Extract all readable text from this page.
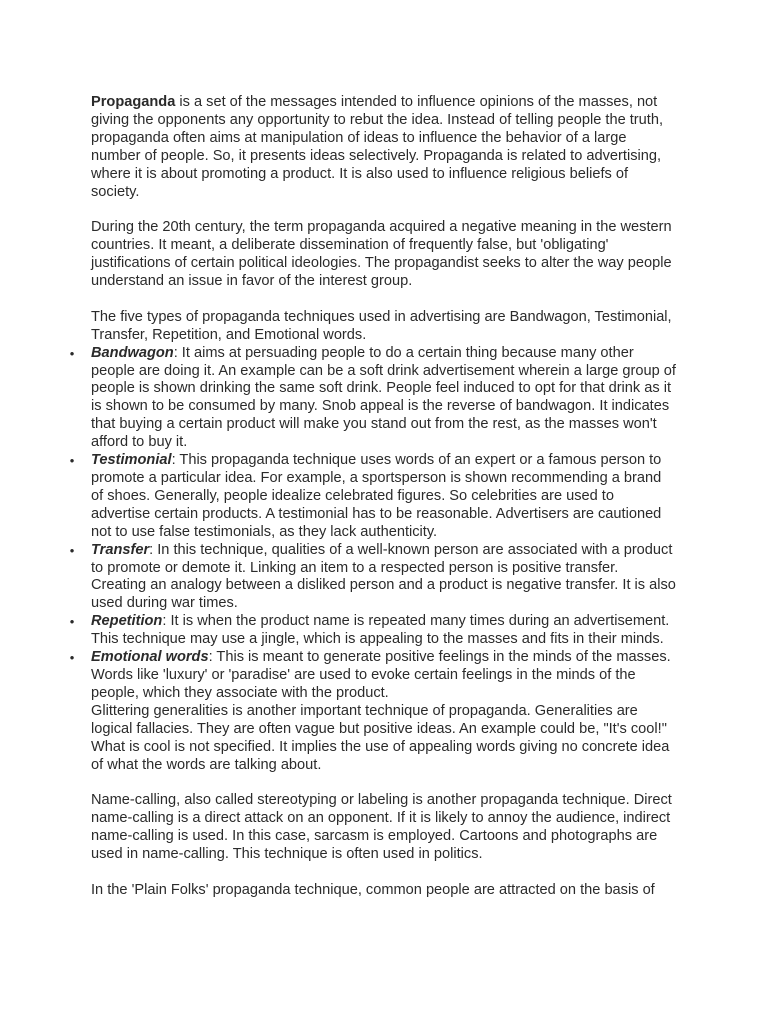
Propaganda is a set of the messages intended to influence opinions of the masses, not giving the opponents any opportunity to rebut the idea. Instead of telling people the truth, propaganda often aims at manipulation of ideas to influence the behavior of a large number of people. So, it presents ideas selectively. Propaganda is related to advertising, where it is about promoting a product. It is also used to influence religious beliefs of society.

During the 20th century, the term propaganda acquired a negative meaning in the western countries. It meant, a deliberate dissemination of frequently false, but 'obligating' justifications of certain political ideologies. The propagandist seeks to alter the way people understand an issue in favor of the interest group.

The five types of propaganda techniques used in advertising are Bandwagon, Testimonial, Transfer, Repetition, and Emotional words.

• Bandwagon: It aims at persuading people to do a certain thing because many other people are doing it. An example can be a soft drink advertisement wherein a large group of people is shown drinking the same soft drink. People feel induced to opt for that drink as it is shown to be consumed by many. Snob appeal is the reverse of bandwagon. It indicates that buying a certain product will make you stand out from the rest, as the masses won't afford to buy it.
• Testimonial: This propaganda technique uses words of an expert or a famous person to promote a particular idea. For example, a sportsperson is shown recommending a brand of shoes. Generally, people idealize celebrated figures. So celebrities are used to advertise certain products. A testimonial has to be reasonable. Advertisers are cautioned not to use false testimonials, as they lack authenticity.
• Transfer: In this technique, qualities of a well-known person are associated with a product to promote or demote it. Linking an item to a respected person is positive transfer. Creating an analogy between a disliked person and a product is negative transfer. It is also used during war times.
• Repetition: It is when the product name is repeated many times during an advertisement. This technique may use a jingle, which is appealing to the masses and fits in their minds.
• Emotional words: This is meant to generate positive feelings in the minds of the masses. Words like 'luxury' or 'paradise' are used to evoke certain feelings in the minds of the people, which they associate with the product.

Glittering generalities is another important technique of propaganda. Generalities are logical fallacies. They are often vague but positive ideas. An example could be, "It's cool!" What is cool is not specified. It implies the use of appealing words giving no concrete idea of what the words are talking about.

Name-calling, also called stereotyping or labeling is another propaganda technique. Direct name-calling is a direct attack on an opponent. If it is likely to annoy the audience, indirect name-calling is used. In this case, sarcasm is employed. Cartoons and photographs are used in name-calling. This technique is often used in politics.

In the 'Plain Folks' propaganda technique, common people are attracted on the basis of
